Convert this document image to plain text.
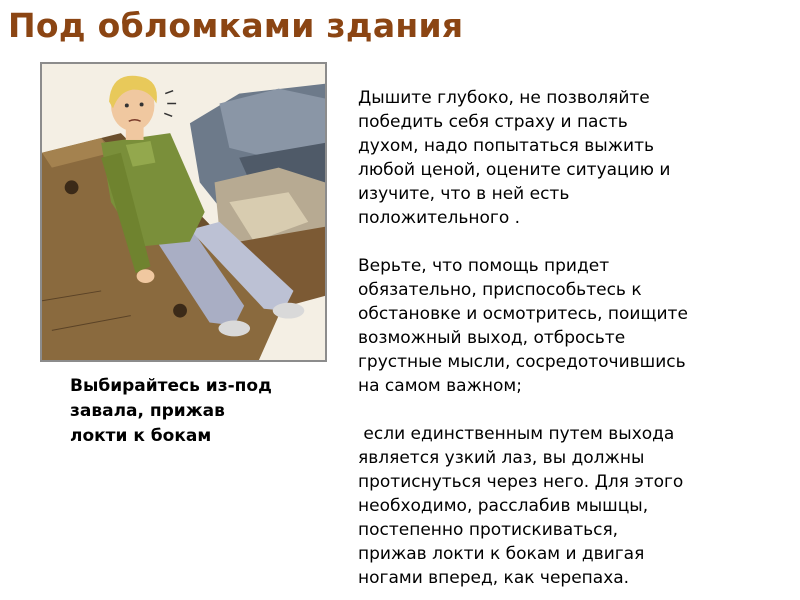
Под обломками здания
Выбирайтесь из-под
завала, прижав
локти к бокам
Дышите глубоко, не позволяйте
победить себя страху и пасть
духом, надо попытаться выжить
любой ценой, оцените ситуацию и
изучите, что в ней есть
положительного .
Верьте, что помощь придет
обязательно, приспособьтесь к
обстановке и осмотритесь, поищите
возможный выход, отбросьте
грустные мысли, сосредоточившись
на самом важном;
если единственным путем выхода
является узкий лаз, вы должны
протиснуться через него. Для этого
необходимо, расслабив мышцы,
постепенно протискиваться,
прижав локти к бокам и двигая
ногами вперед, как черепаха.
